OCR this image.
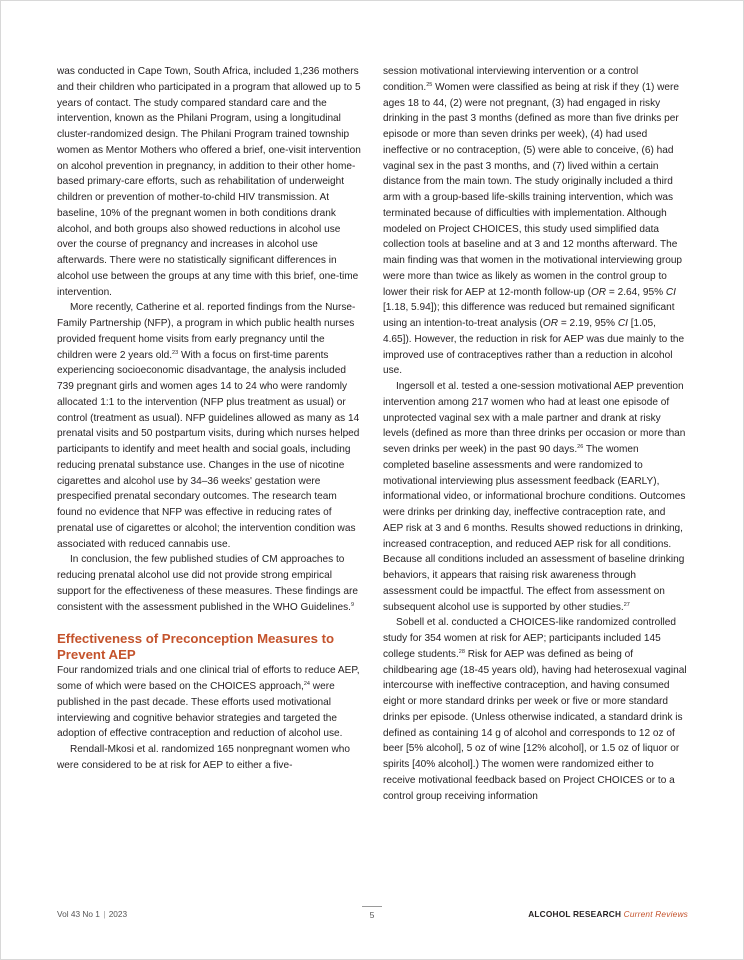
was conducted in Cape Town, South Africa, included 1,236 mothers and their children who participated in a program that allowed up to 5 years of contact. The study compared standard care and the intervention, known as the Philani Program, using a longitudinal cluster-randomized design. The Philani Program trained township women as Mentor Mothers who offered a brief, one-visit intervention on alcohol prevention in pregnancy, in addition to their other home-based primary-care efforts, such as rehabilitation of underweight children or prevention of mother-to-child HIV transmission. At baseline, 10% of the pregnant women in both conditions drank alcohol, and both groups also showed reductions in alcohol use over the course of pregnancy and increases in alcohol use afterwards. There were no statistically significant differences in alcohol use between the groups at any time with this brief, one-time intervention.

More recently, Catherine et al. reported findings from the Nurse-Family Partnership (NFP), a program in which public health nurses provided frequent home visits from early pregnancy until the children were 2 years old.$^{23}$ With a focus on first-time parents experiencing socioeconomic disadvantage, the analysis included 739 pregnant girls and women ages 14 to 24 who were randomly allocated 1:1 to the intervention (NFP plus treatment as usual) or control (treatment as usual). NFP guidelines allowed as many as 14 prenatal visits and 50 postpartum visits, during which nurses helped participants to identify and meet health and social goals, including reducing prenatal substance use. Changes in the use of nicotine cigarettes and alcohol use by 34–36 weeks' gestation were prespecified prenatal secondary outcomes. The research team found no evidence that NFP was effective in reducing rates of prenatal use of cigarettes or alcohol; the intervention condition was associated with reduced cannabis use.

In conclusion, the few published studies of CM approaches to reducing prenatal alcohol use did not provide strong empirical support for the effectiveness of these measures. These findings are consistent with the assessment published in the WHO Guidelines.$^9$

Effectiveness of Preconception Measures to Prevent AEP

Four randomized trials and one clinical trial of efforts to reduce AEP, some of which were based on the CHOICES approach,$^{24}$ were published in the past decade. These efforts used motivational interviewing and cognitive behavior strategies and targeted the adoption of effective contraception and reduction of alcohol use.

Rendall-Mkosi et al. randomized 165 nonpregnant women who were considered to be at risk for AEP to either a five-

session motivational interviewing intervention or a control condition.$^{25}$ Women were classified as being at risk if they (1) were ages 18 to 44, (2) were not pregnant, (3) had engaged in risky drinking in the past 3 months (defined as more than five drinks per episode or more than seven drinks per week), (4) had used ineffective or no contraception, (5) were able to conceive, (6) had vaginal sex in the past 3 months, and (7) lived within a certain distance from the main town. The study originally included a third arm with a group-based life-skills training intervention, which was terminated because of difficulties with implementation. Although modeled on Project CHOICES, this study used simplified data collection tools at baseline and at 3 and 12 months afterward. The main finding was that women in the motivational interviewing group were more than twice as likely as women in the control group to lower their risk for AEP at 12-month follow-up (OR = 2.64, 95% CI [1.18, 5.94]); this difference was reduced but remained significant using an intention-to-treat analysis (OR = 2.19, 95% CI [1.05, 4.65]). However, the reduction in risk for AEP was due mainly to the improved use of contraceptives rather than a reduction in alcohol use.

Ingersoll et al. tested a one-session motivational AEP prevention intervention among 217 women who had at least one episode of unprotected vaginal sex with a male partner and drank at risky levels (defined as more than three drinks per occasion or more than seven drinks per week) in the past 90 days.$^{26}$ The women completed baseline assessments and were randomized to motivational interviewing plus assessment feedback (EARLY), informational video, or informational brochure conditions. Outcomes were drinks per drinking day, ineffective contraception rate, and AEP risk at 3 and 6 months. Results showed reductions in drinking, increased contraception, and reduced AEP risk for all conditions. Because all conditions included an assessment of baseline drinking behaviors, it appears that raising risk awareness through assessment could be impactful. The effect from assessment on subsequent alcohol use is supported by other studies.$^{27}$

Sobell et al. conducted a CHOICES-like randomized controlled study for 354 women at risk for AEP; participants included 145 college students.$^{28}$ Risk for AEP was defined as being of childbearing age (18-45 years old), having had heterosexual vaginal intercourse with ineffective contraception, and having consumed eight or more standard drinks per week or five or more standard drinks per episode. (Unless otherwise indicated, a standard drink is defined as containing 14 g of alcohol and corresponds to 12 oz of beer [5% alcohol], 5 oz of wine [12% alcohol], or 1.5 oz of liquor or spirits [40% alcohol].) The women were randomized either to receive motivational feedback based on Project CHOICES or to a control group receiving information

Vol 43 No 1 | 2023	5	ALCOHOL RESEARCH Current Reviews
